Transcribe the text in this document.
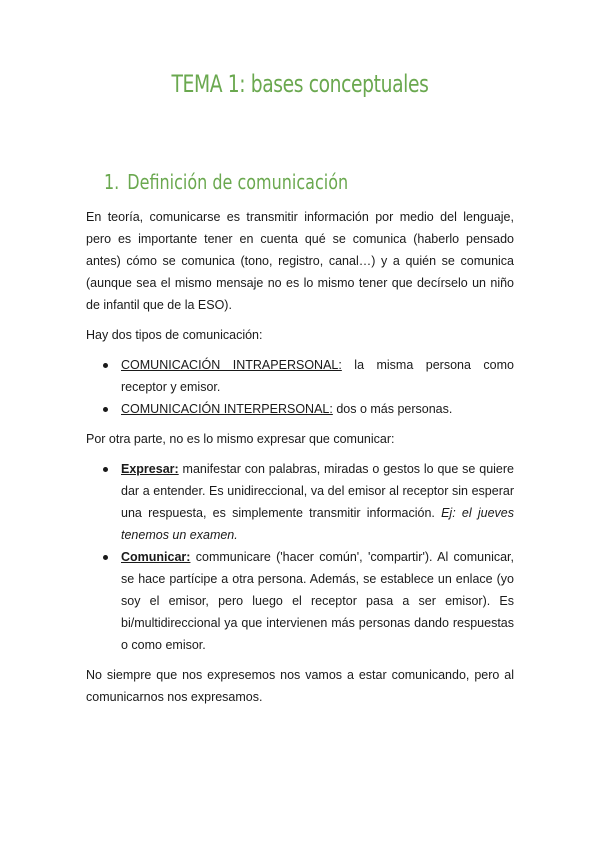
TEMA 1: bases conceptuales
1. Definición de comunicación

En teoría, comunicarse es transmitir información por medio del lenguaje, pero es importante tener en cuenta qué se comunica (haberlo pensado antes) cómo se comunica (tono, registro, canal…) y a quién se comunica (aunque sea el mismo mensaje no es lo mismo tener que decírselo un niño de infantil que de la ESO).

Hay dos tipos de comunicación:

COMUNICACIÓN INTRAPERSONAL: la misma persona como receptor y emisor.
COMUNICACIÓN INTERPERSONAL: dos o más personas.

Por otra parte, no es lo mismo expresar que comunicar:

Expresar: manifestar con palabras, miradas o gestos lo que se quiere dar a entender. Es unidireccional, va del emisor al receptor sin esperar una respuesta, es simplemente transmitir información. Ej: el jueves tenemos un examen.
Comunicar: communicare ('hacer común', 'compartir'). Al comunicar, se hace partícipe a otra persona. Además, se establece un enlace (yo soy el emisor, pero luego el receptor pasa a ser emisor). Es bi/multidireccional ya que intervienen más personas dando respuestas o como emisor.

No siempre que nos expresemos nos vamos a estar comunicando, pero al comunicarnos nos expresamos.
